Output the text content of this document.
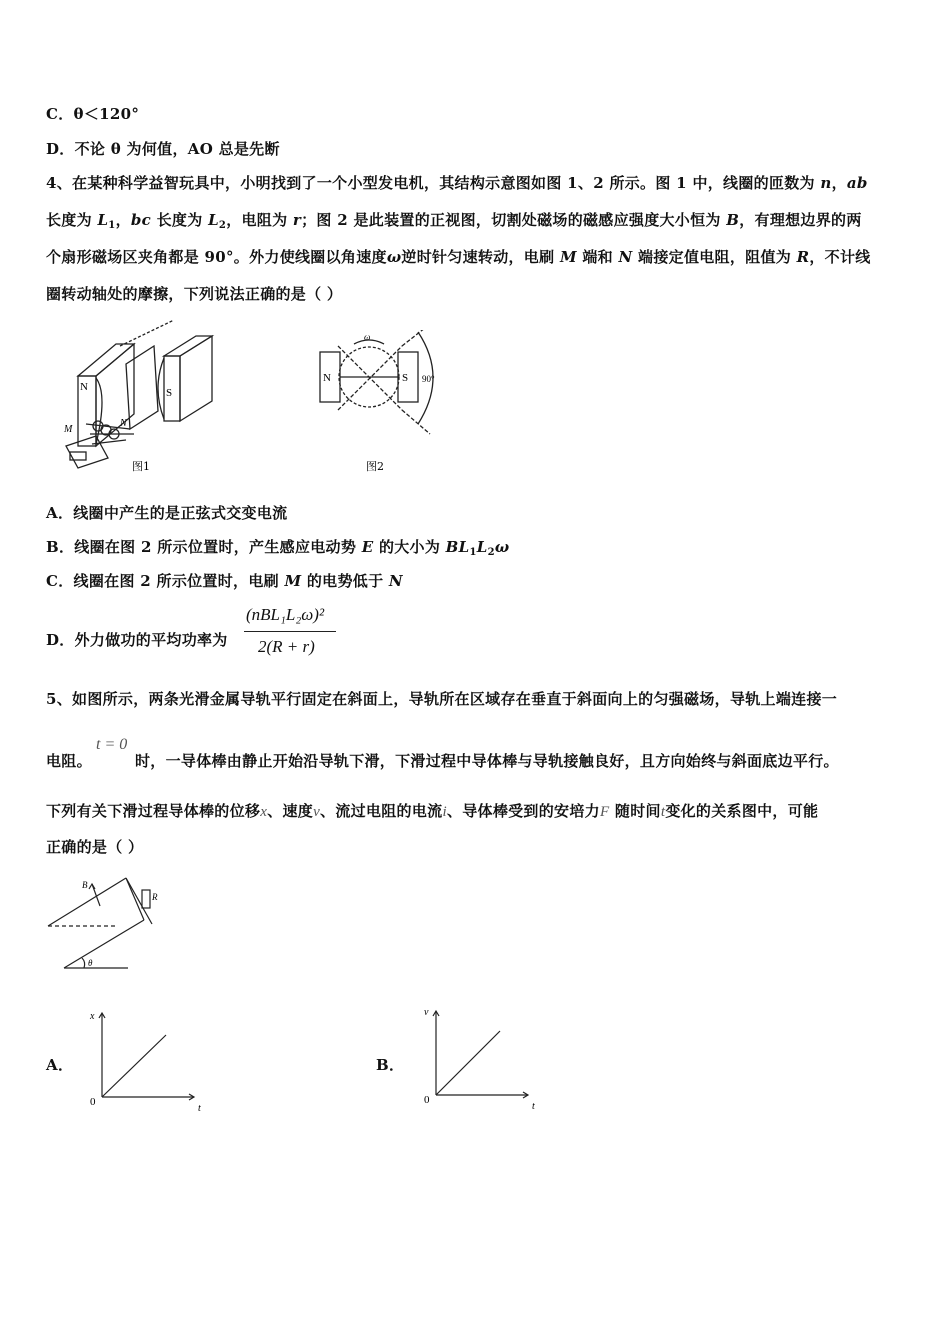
C．θ＜120°
D．不论 θ 为何值，AO 总是先断
4、在某种科学益智玩具中，小明找到了一个小型发电机，其结构示意图如图 1、2 所示。图 1 中，线圈的匝数为 n，ab
长度为 $L_1$，bc 长度为 $L_2$，电阻为 r；图 2 是此装置的正视图，切割处磁场的磁感应强度大小恒为 B，有理想边界的两
个扇形磁场区夹角都是 90°。外力使线圈以角速度ω逆时针匀速转动，电刷 M 端和 N 端接定值电阻，阻值为 R，不计线
圈转动轴处的摩擦，下列说法正确的是（ ）
N	S
M
N
图1
N	S
ω
90°
图2
A．线圈中产生的是正弦式交变电流
B．线圈在图 2 所示位置时，产生感应电动势 E 的大小为 $BL_1L_2\omega$
C．线圈在图 2 所示位置时，电刷 M 的电势低于 N
D．外力做功的平均功率为
(nBL₁L₂ω)²
2(R + r)
5、如图所示，两条光滑金属导轨平行固定在斜面上，导轨所在区域存在垂直于斜面向上的匀强磁场，导轨上端连接一
电阻。
t = 0
时，一导体棒由静止开始沿导轨下滑，下滑过程中导体棒与导轨接触良好，且方向始终与斜面底边平行。
下列有关下滑过程导体棒的位移x、速度v、流过电阻的电流i、导体棒受到的安培力F 随时间t变化的关系图中，可能
正确的是（ ）
B
R
θ
A．
x
t
0
B．
v
t
0
